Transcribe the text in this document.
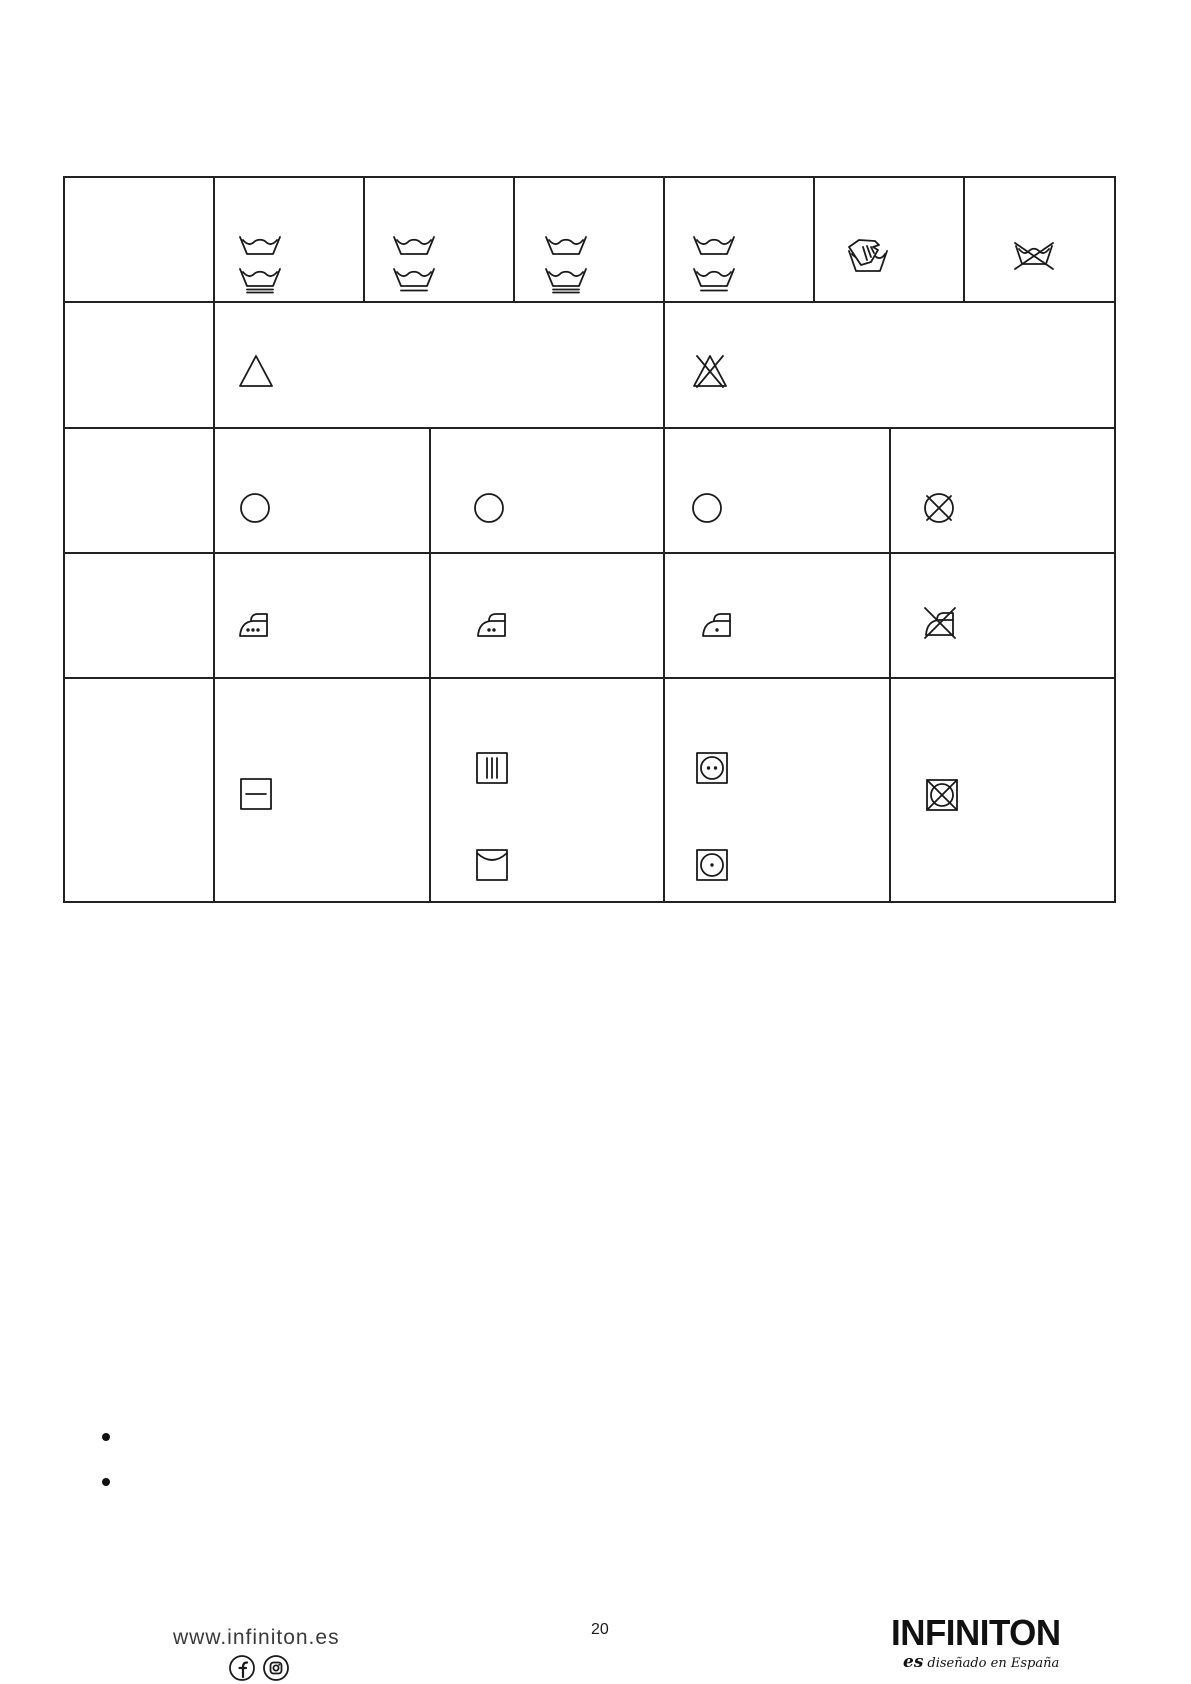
www.infiniton.es	20	INFINITON
es diseñado en España
